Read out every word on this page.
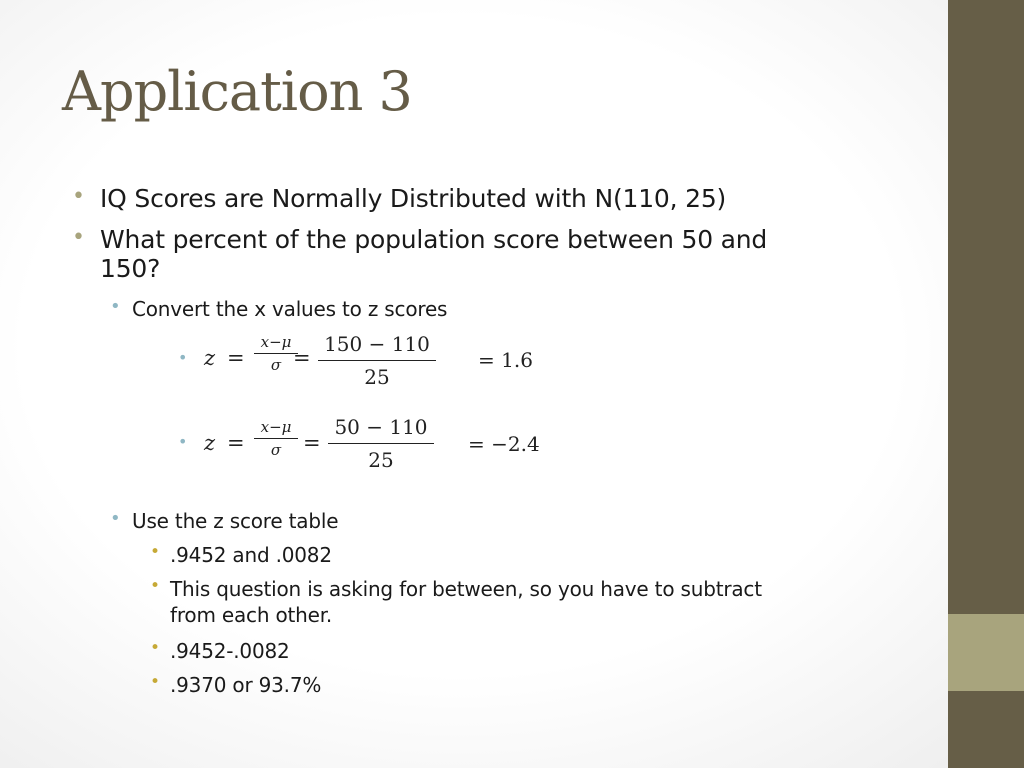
Application 3
• IQ Scores are Normally Distributed with N(110, 25)
• What percent of the population score between 50 and
150?
• Convert the x values to z scores
• z =
x−μ
σ =
150 − 110
25
= 1.6
• z =
x−μ
σ	=
50 − 110
25
= −2.4
• Use the z score table
• .9452 and .0082
• This question is asking for between, so you have to subtract
from each other.
• .9452-.0082
• .9370 or 93.7%
